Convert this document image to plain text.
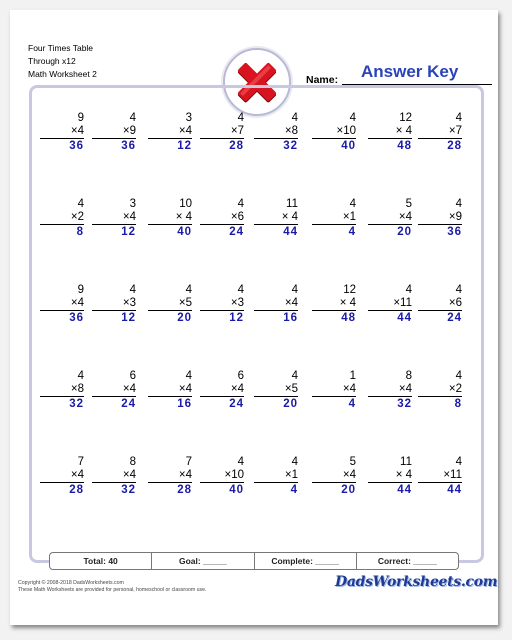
Four Times Table
Through x12
Math Worksheet 2	Name: Answer Key
9
×4
36
4
×9
36
3
×4
12
4
×7
28
4
×8
32
4
×10
40
12
× 4
48
4
×7
28
4
×2
8
3
×4
12
10
× 4
40
4
×6
24
11
× 4
44
4
×1
4
5
×4
20
4
×9
36
9
×4
36
4
×3
12
4
×5
20
4
×3
12
4
×4
16
12
× 4
48
4
×11
44
4
×6
24
4
×8
32
6
×4
24
4
×4
16
6
×4
24
4
×5
20
1
×4
4
8
×4
32
4
×2
8
7
×4
28
8
×4
32
7
×4
28
4
×10
40
4
×1
4
5
×4
20
11
× 4
44
4
×11
44
Total: 40	Goal: _____	Complete: _____	Correct: _____
Copyright © 2008-2018 DadsWorksheets.com
These Math Worksheets are provided for personal, homeschool or classroom use.	DadsWorksheets.com
